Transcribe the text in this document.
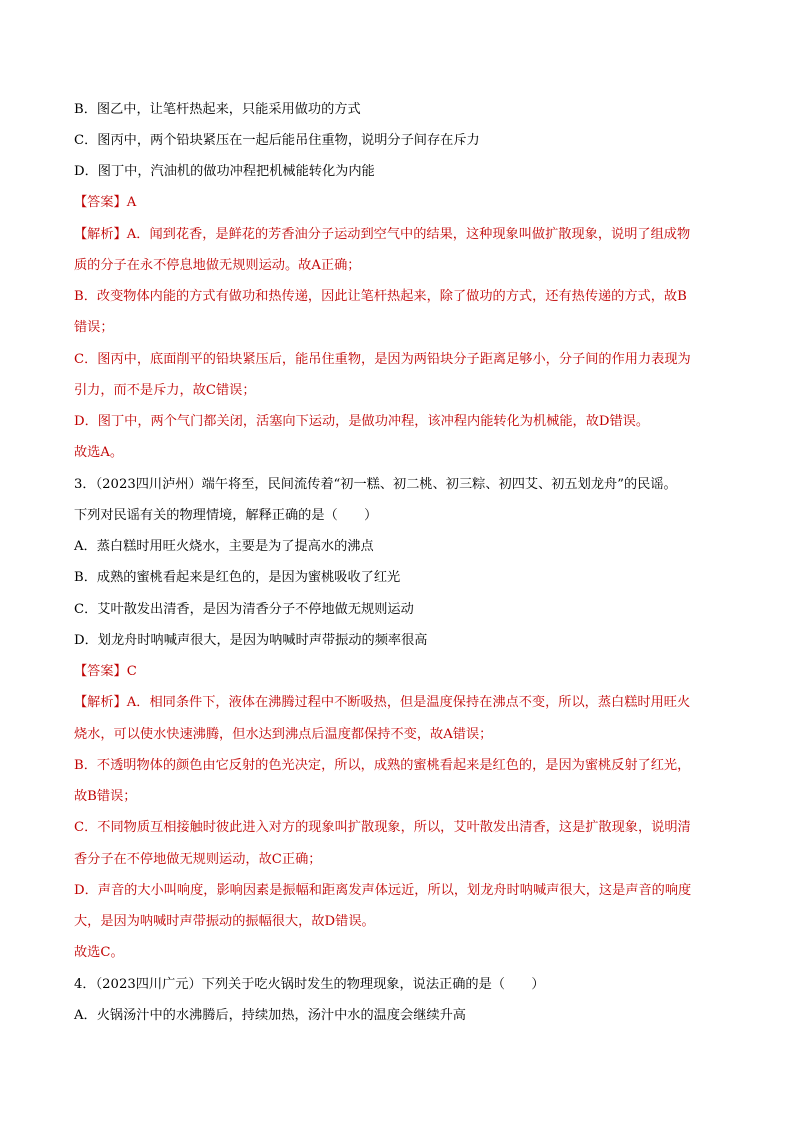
B．图乙中，让笔杆热起来，只能采用做功的方式
C．图丙中，两个铅块紧压在一起后能吊住重物，说明分子间存在斥力
D．图丁中，汽油机的做功冲程把机械能转化为内能
【答案】A
【解析】A．闻到花香，是鲜花的芳香油分子运动到空气中的结果，这种现象叫做扩散现象，说明了组成物
质的分子在永不停息地做无规则运动。故A正确；
B．改变物体内能的方式有做功和热传递，因此让笔杆热起来，除了做功的方式，还有热传递的方式，故B
错误；
C．图丙中，底面削平的铅块紧压后，能吊住重物，是因为两铅块分子距离足够小，分子间的作用力表现为
引力，而不是斥力，故C错误；
D．图丁中，两个气门都关闭，活塞向下运动，是做功冲程，该冲程内能转化为机械能，故D错误。
故选A。
3．（2023四川泸州）端午将至，民间流传着“初一糕、初二桃、初三粽、初四艾、初五划龙舟”的民谣。
下列对民谣有关的物理情境，解释正确的是（　　）
A．蒸白糕时用旺火烧水，主要是为了提高水的沸点
B．成熟的蜜桃看起来是红色的，是因为蜜桃吸收了红光
C．艾叶散发出清香，是因为清香分子不停地做无规则运动
D．划龙舟时呐喊声很大，是因为呐喊时声带振动的频率很高
【答案】C
【解析】A．相同条件下，液体在沸腾过程中不断吸热，但是温度保持在沸点不变，所以，蒸白糕时用旺火
烧水，可以使水快速沸腾，但水达到沸点后温度都保持不变，故A错误；
B．不透明物体的颜色由它反射的色光决定，所以，成熟的蜜桃看起来是红色的，是因为蜜桃反射了红光，
故B错误；
C．不同物质互相接触时彼此进入对方的现象叫扩散现象，所以，艾叶散发出清香，这是扩散现象，说明清
香分子在不停地做无规则运动，故C正确；
D．声音的大小叫响度，影响因素是振幅和距离发声体远近，所以，划龙舟时呐喊声很大，这是声音的响度
大，是因为呐喊时声带振动的振幅很大，故D错误。
故选C。
4．（2023四川广元）下列关于吃火锅时发生的物理现象，说法正确的是（　　）
A．火锅汤汁中的水沸腾后，持续加热，汤汁中水的温度会继续升高
